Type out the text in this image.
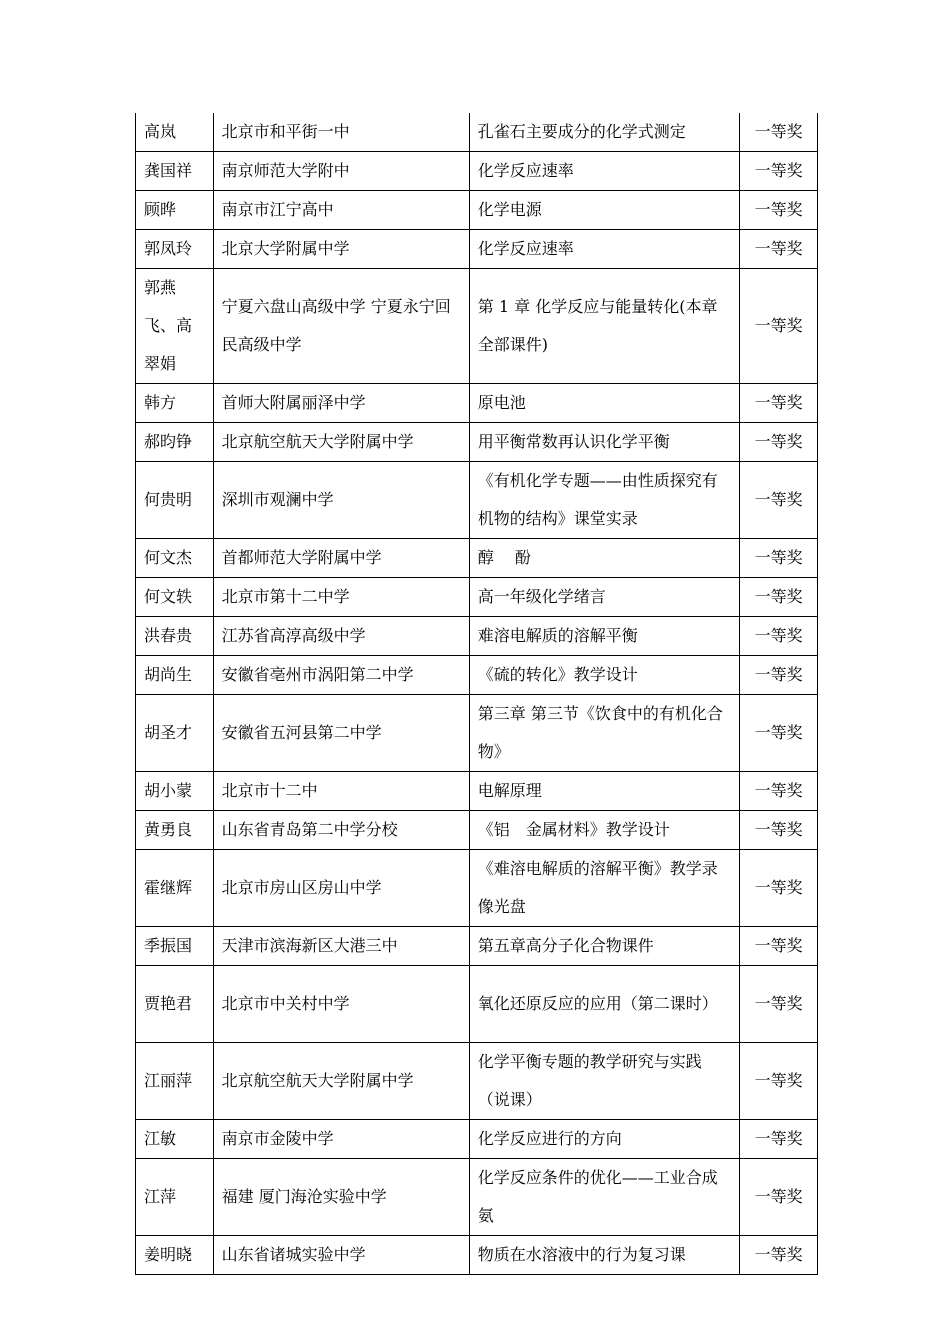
高岚	北京市和平街一中	孔雀石主要成分的化学式测定	一等奖
龚国祥	南京师范大学附中	化学反应速率	一等奖
顾晔	南京市江宁高中	化学电源	一等奖
郭凤玲	北京大学附属中学	化学反应速率	一等奖
郭燕飞、高翠娟	宁夏六盘山高级中学 宁夏永宁回民高级中学	第 1 章 化学反应与能量转化(本章全部课件)	一等奖
韩方	首师大附属丽泽中学	原电池	一等奖
郝昀铮	北京航空航天大学附属中学	用平衡常数再认识化学平衡	一等奖
何贵明	深圳市观澜中学	《有机化学专题——由性质探究有机物的结构》课堂实录	一等奖
何文杰	首都师范大学附属中学	醇　 酚	一等奖
何文轶	北京市第十二中学	高一年级化学绪言	一等奖
洪春贵	江苏省高淳高级中学	难溶电解质的溶解平衡	一等奖
胡尚生	安徽省亳州市涡阳第二中学	《硫的转化》教学设计	一等奖
胡圣才	安徽省五河县第二中学	第三章 第三节《饮食中的有机化合物》	一等奖
胡小蒙	北京市十二中	电解原理	一等奖
黄勇良	山东省青岛第二中学分校	《铝　金属材料》教学设计	一等奖
霍继辉	北京市房山区房山中学	《难溶电解质的溶解平衡》教学录像光盘	一等奖
季振国	天津市滨海新区大港三中	第五章高分子化合物课件	一等奖
贾艳君	北京市中关村中学	氧化还原反应的应用（第二课时）	一等奖
江丽萍	北京航空航天大学附属中学	化学平衡专题的教学研究与实践（说课）	一等奖
江敏	南京市金陵中学	化学反应进行的方向	一等奖
江萍	福建 厦门海沧实验中学	化学反应条件的优化——工业合成氨	一等奖
姜明晓	山东省诸城实验中学	物质在水溶液中的行为复习课	一等奖
